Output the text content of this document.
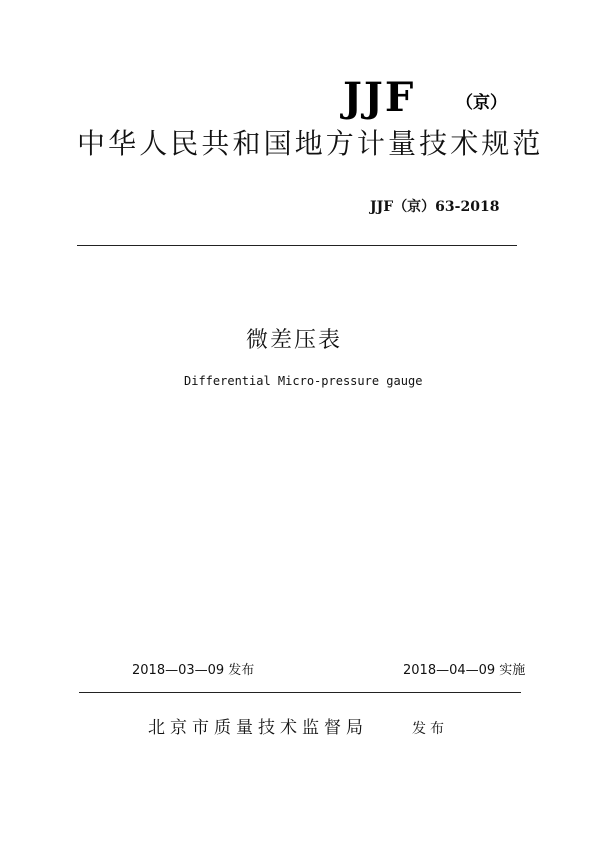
JJF （京）
中华人民共和国地方计量技术规范
JJF（京）63-2018
微差压表
Differential Micro-pressure gauge
2018—03—09 发布	2018—04—09 实施
北京市质量技术监督局	发布
